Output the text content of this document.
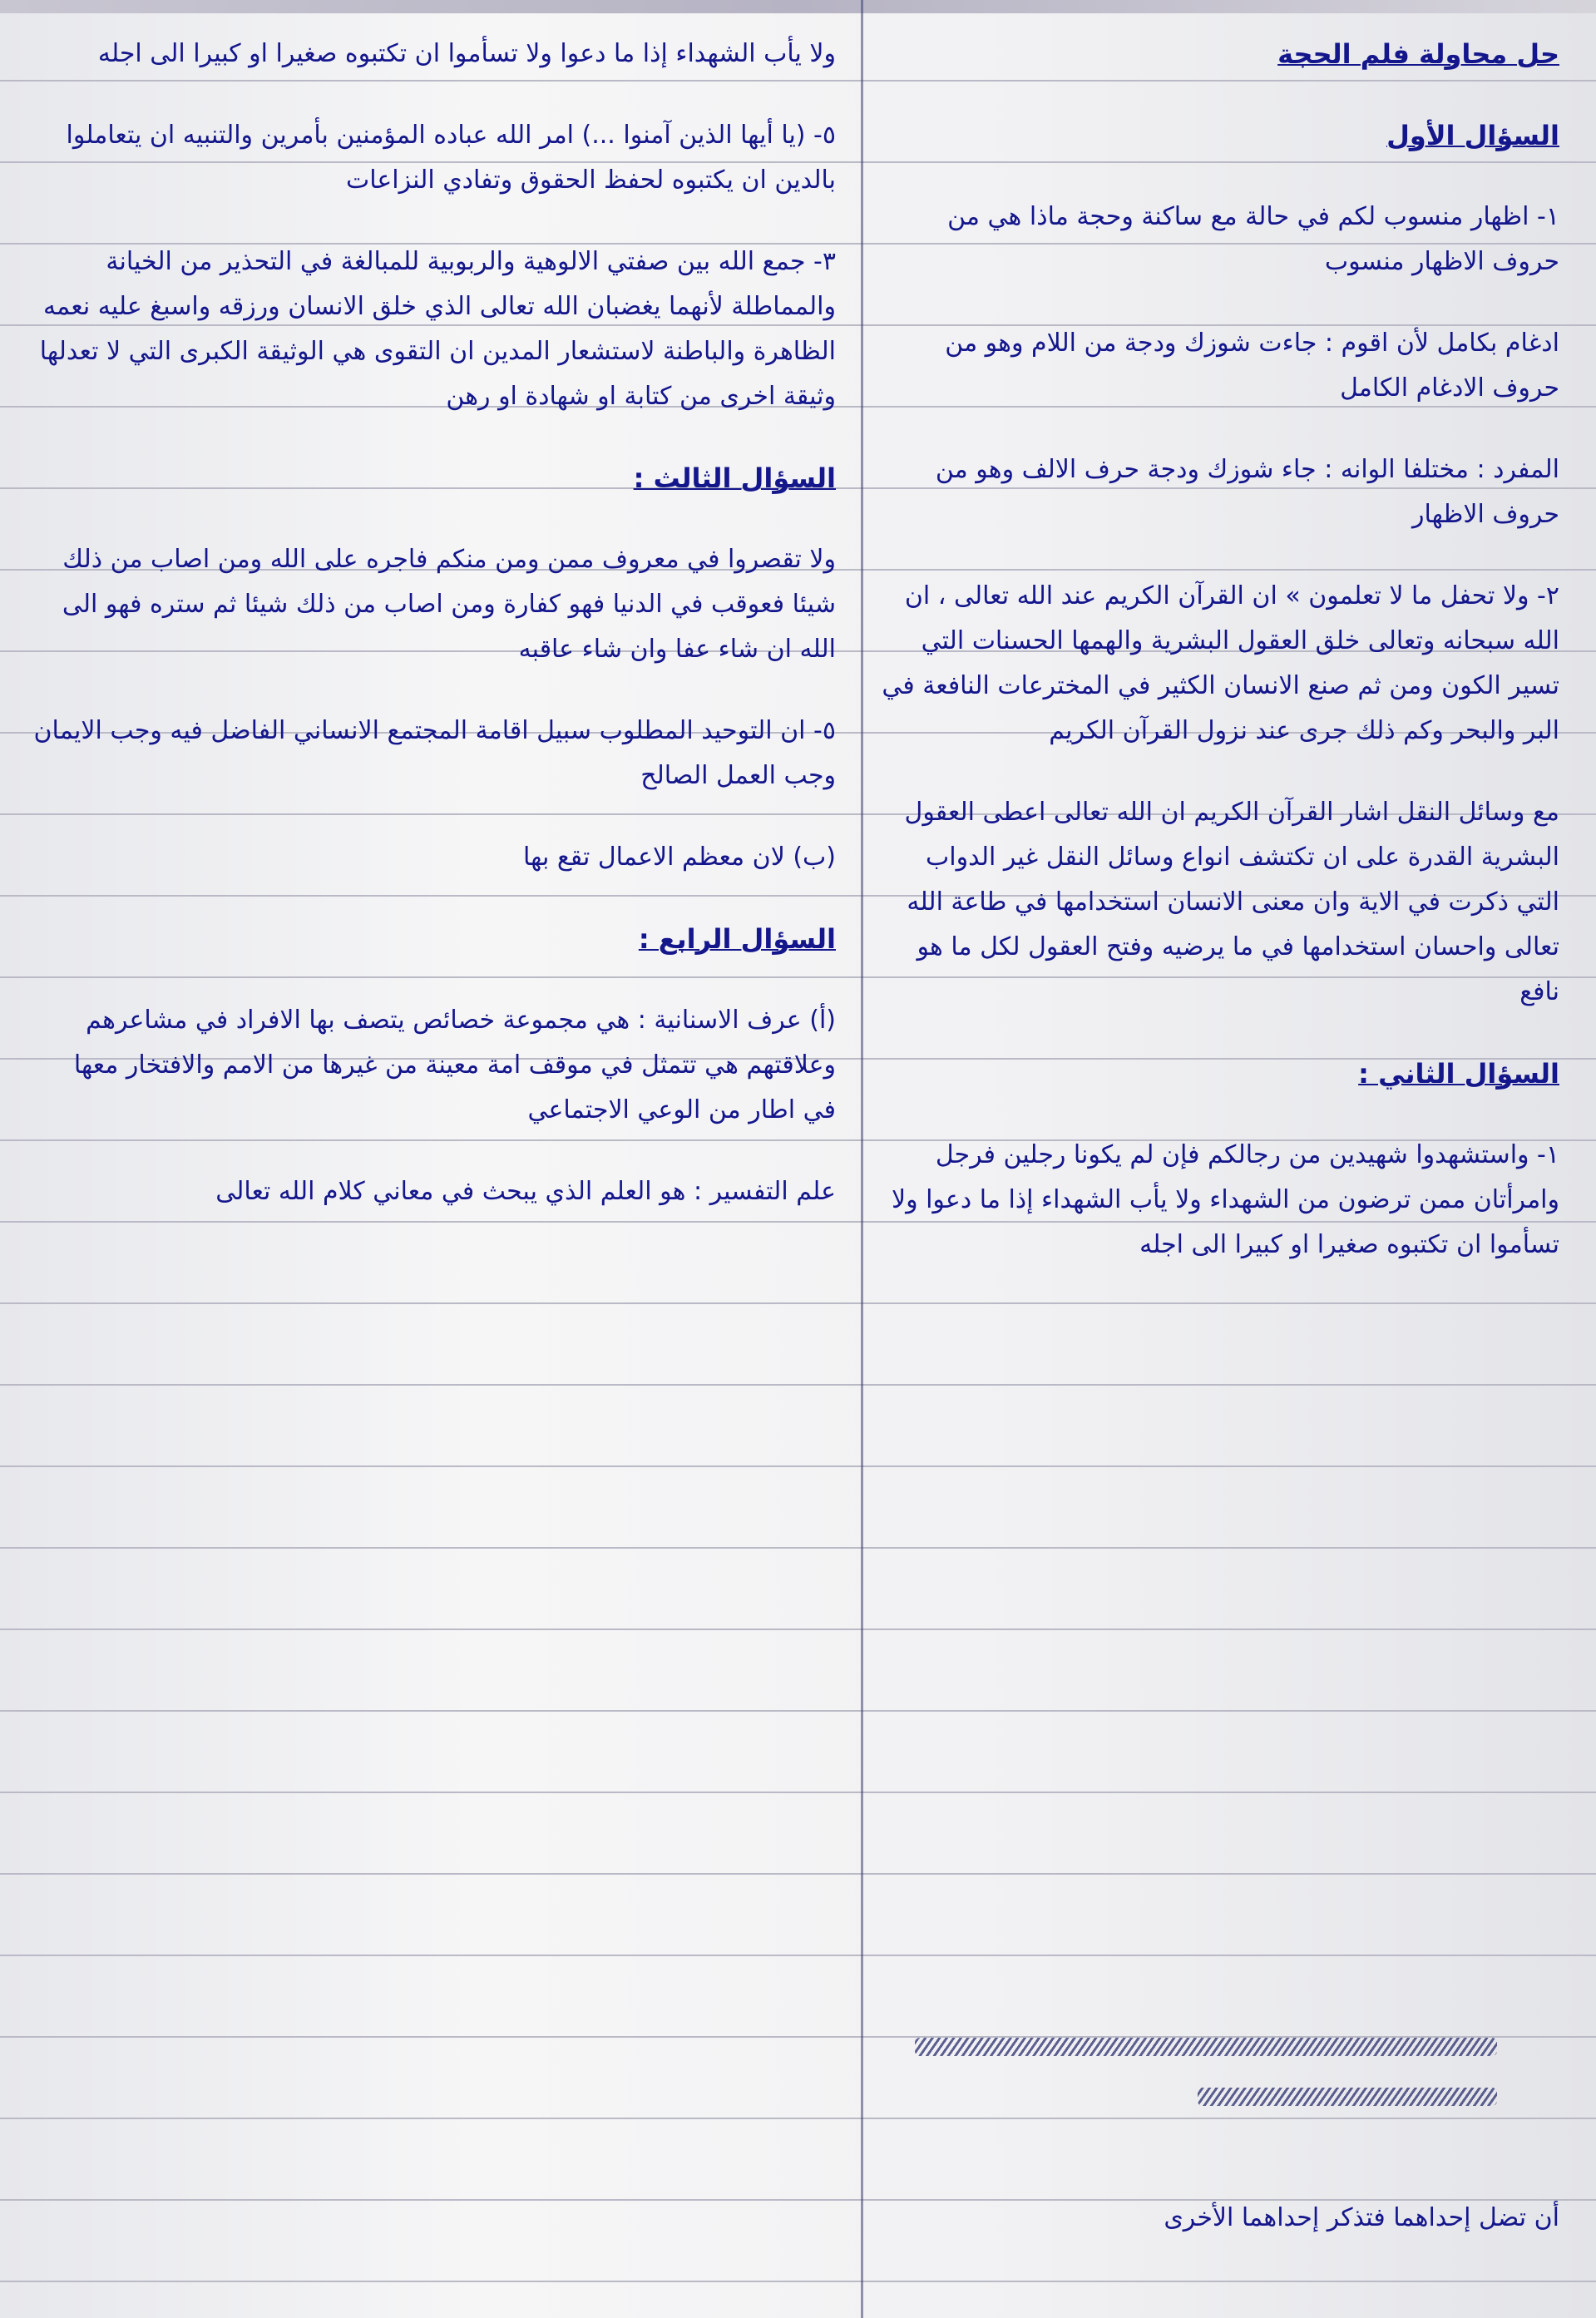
حل محاولة فلم الحجة
السؤال الأول
١- اظهار منسوب لكم في حالة مع ساكنة وحجة ماذا هي من حروف الاظهار منسوب
ادغام بكامل لأن اقوم : جاءت شوزك ودجة من اللام وهو من حروف الادغام الكامل
المفرد : مختلفا الوانه : جاء شوزك ودجة حرف الالف وهو من حروف الاظهار
٢- ولا تحفل ما لا تعلمون » ان القرآن الكريم عند الله تعالى ، ان الله سبحانه وتعالى خلق العقول البشرية والهمها الحسنات التي تسير الكون ومن ثم صنع الانسان الكثير في المخترعات النافعة في البر والبحر وكم ذلك جرى عند نزول القرآن الكريم
مع وسائل النقل اشار القرآن الكريم ان الله تعالى اعطى العقول البشرية القدرة على ان تكتشف انواع وسائل النقل غير الدواب التي ذكرت في الاية وان معنى الانسان استخدامها في طاعة الله تعالى واحسان استخدامها في ما يرضيه وفتح العقول لكل ما هو نافع
السؤال الثاني :
١- واستشهدوا شهيدين من رجالكم فإن لم يكونا رجلين فرجل وامرأتان ممن ترضون من الشهداء ولا يأب الشهداء إذا ما دعوا ولا تسأموا ان تكتبوه صغيرا او كبيرا الى اجله
أن تضل إحداهما فتذكر إحداهما الأخرى
ولا يأب الشهداء إذا ما دعوا ولا تسأموا ان تكتبوه صغيرا او كبيرا الى اجله
٥- (يا أيها الذين آمنوا ...) امر الله عباده المؤمنين بأمرين والتنبيه ان يتعاملوا بالدين ان يكتبوه لحفظ الحقوق وتفادي النزاعات
٣- جمع الله بين صفتي الالوهية والربوبية للمبالغة في التحذير من الخيانة والمماطلة لأنهما يغضبان الله تعالى الذي خلق الانسان ورزقه واسبغ عليه نعمه الظاهرة والباطنة لاستشعار المدين ان التقوى هي الوثيقة الكبرى التي لا تعدلها وثيقة اخرى من كتابة او شهادة او رهن
السؤال الثالث :
ولا تقصروا في معروف ممن ومن منكم فاجره على الله ومن اصاب من ذلك شيئا فعوقب في الدنيا فهو كفارة ومن اصاب من ذلك شيئا ثم ستره فهو الى الله ان شاء عفا وان شاء عاقبه
٥- ان التوحيد المطلوب سبيل اقامة المجتمع الانساني الفاضل فيه وجب الايمان وجب العمل الصالح
(ب) لان معظم الاعمال تقع بها
السؤال الرابع :
(أ) عرف الاسنانية : هي مجموعة خصائص يتصف بها الافراد في مشاعرهم وعلاقتهم هي تتمثل في موقف امة معينة من غيرها من الامم والافتخار معها في اطار من الوعي الاجتماعي
علم التفسير : هو العلم الذي يبحث في معاني كلام الله تعالى
